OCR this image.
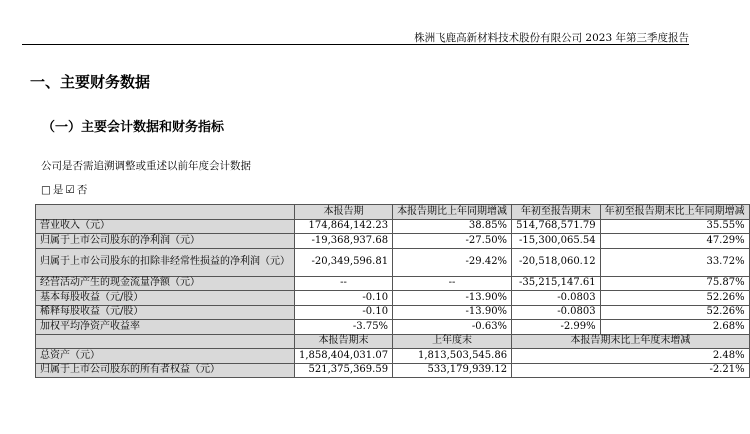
株洲飞鹿高新材料技术股份有限公司 2023 年第三季度报告
一、主要财务数据
（一）主要会计数据和财务指标
公司是否需追溯调整或重述以前年度会计数据
□ 是 ☑ 否
	本报告期	本报告期比上年同期增减	年初至报告期末	年初至报告期末比上年同期增减

营业收入（元）	174,864,142.23	38.85%	514,768,571.79	35.55%
归属于上市公司股东的净利润（元）	-19,368,937.68	-27.50%	-15,300,065.54	47.29%
归属于上市公司股东的扣除非经常性损益的净利润（元）	-20,349,596.81	-29.42%	-20,518,060.12	33.72%
经营活动产生的现金流量净额（元）	--	--	-35,215,147.61	75.87%
基本每股收益（元/股）	-0.10	-13.90%	-0.0803	52.26%
稀释每股收益（元/股）	-0.10	-13.90%	-0.0803	52.26%
加权平均净资产收益率	-3.75%	-0.63%	-2.99%	2.68%
	本报告期末	上年度末	本报告期末比上年度末增减	
总资产（元）	1,858,404,031.07	1,813,503,545.86	2.48%	
归属于上市公司股东的所有者权益（元）	521,375,369.59	533,179,939.12	-2.21%	
